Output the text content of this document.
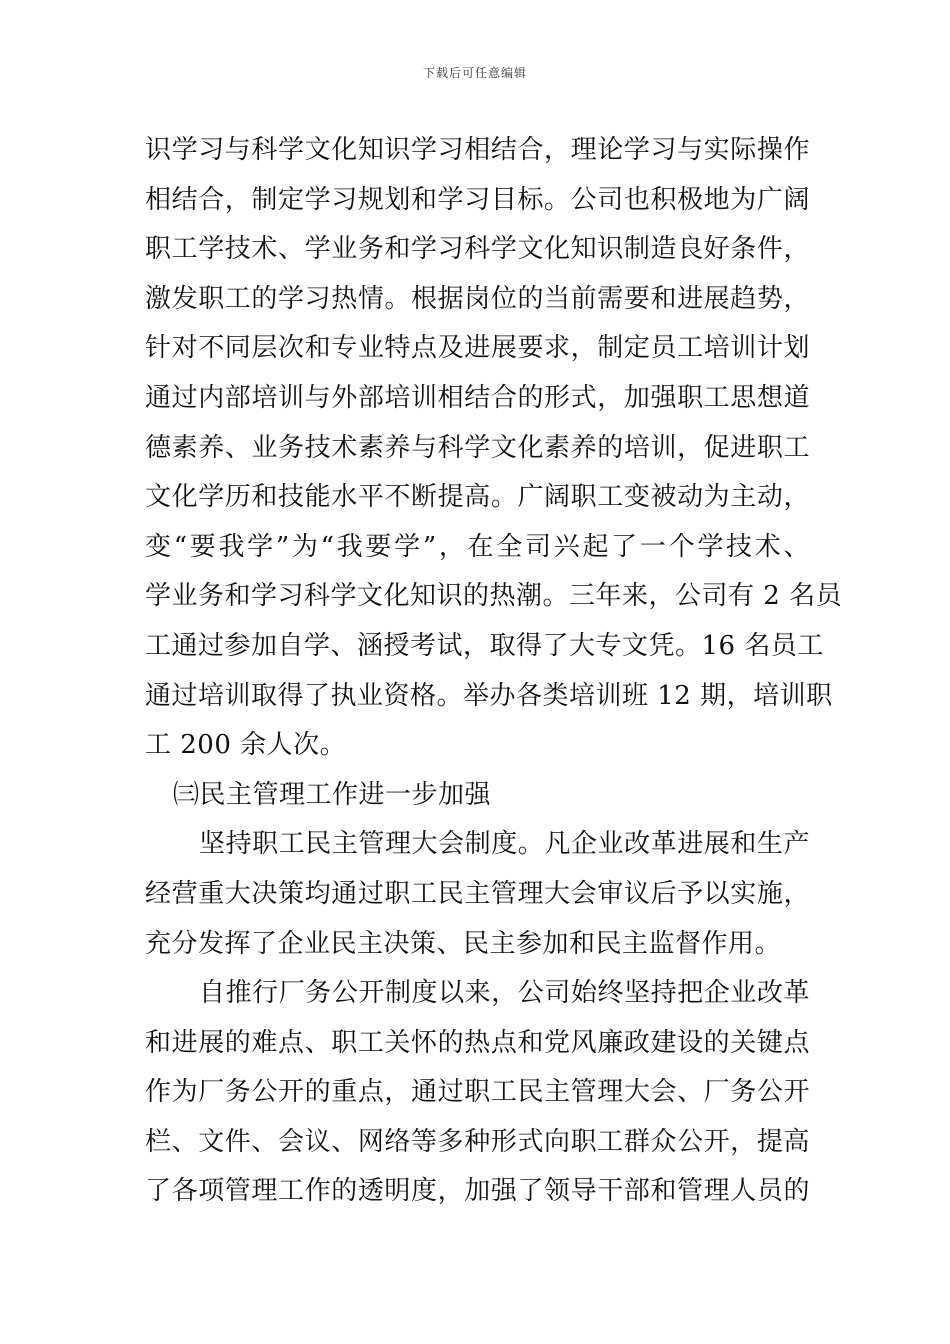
下载后可任意编辑
识学习与科学文化知识学习相结合，理论学习与实际操作
相结合，制定学习规划和学习目标。公司也积极地为广阔
职工学技术、学业务和学习科学文化知识制造良好条件，
激发职工的学习热情。根据岗位的当前需要和进展趋势，
针对不同层次和专业特点及进展要求，制定员工培训计划
通过内部培训与外部培训相结合的形式，加强职工思想道
德素养、业务技术素养与科学文化素养的培训，促进职工
文化学历和技能水平不断提高。广阔职工变被动为主动，
变“要我学”为“我要学”，在全司兴起了一个学技术、
学业务和学习科学文化知识的热潮。三年来，公司有 2 名员
工通过参加自学、涵授考试，取得了大专文凭。16 名员工
通过培训取得了执业资格。举办各类培训班 12 期，培训职
工 200 余人次。
㈢民主管理工作进一步加强
坚持职工民主管理大会制度。凡企业改革进展和生产
经营重大决策均通过职工民主管理大会审议后予以实施，
充分发挥了企业民主决策、民主参加和民主监督作用。
自推行厂务公开制度以来，公司始终坚持把企业改革
和进展的难点、职工关怀的热点和党风廉政建设的关键点
作为厂务公开的重点，通过职工民主管理大会、厂务公开
栏、文件、会议、网络等多种形式向职工群众公开，提高
了各项管理工作的透明度，加强了领导干部和管理人员的
